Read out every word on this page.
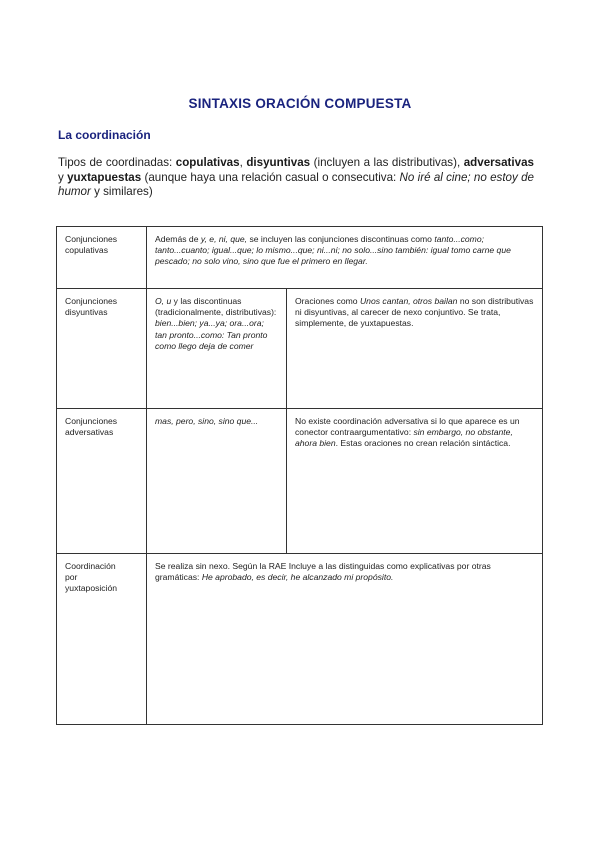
SINTAXIS ORACIÓN COMPUESTA
La coordinación
Tipos de coordinadas: copulativas, disyuntivas (incluyen a las distributivas), adversativas y yuxtapuestas (aunque haya una relación casual o consecutiva: No iré al cine; no estoy de humor y similares)
Conjunciones
copulativas	Además de y, e, ni, que, se incluyen las conjunciones discontinuas como tanto...como; tanto...cuanto; igual...que; lo mismo...que; ni...ni; no solo...sino también: igual tomo carne que pescado; no solo vino, sino que fue el primero en llegar.	

Conjunciones
disyuntivas	O, u y las discontinuas (tradicionalmente, distributivas):
bien...bien; ya...ya; ora...ora; tan pronto...como: Tan pronto como llego deja de comer	Oraciones como Unos cantan, otros bailan no son distributivas ni disyuntivas, al carecer de nexo conjuntivo. Se trata, simplemente, de yuxtapuestas.

Conjunciones
adversativas	mas, pero, sino, sino que...	No existe coordinación adversativa si lo que aparece es un conector contraargumentativo: sin embargo, no obstante, ahora bien. Estas oraciones no crean relación sintáctica.

Coordinación
por
yuxtaposición	Se realiza sin nexo. Según la RAE Incluye a las distinguidas como explicativas por otras gramáticas: He aprobado, es decir, he alcanzado mi propósito.	
